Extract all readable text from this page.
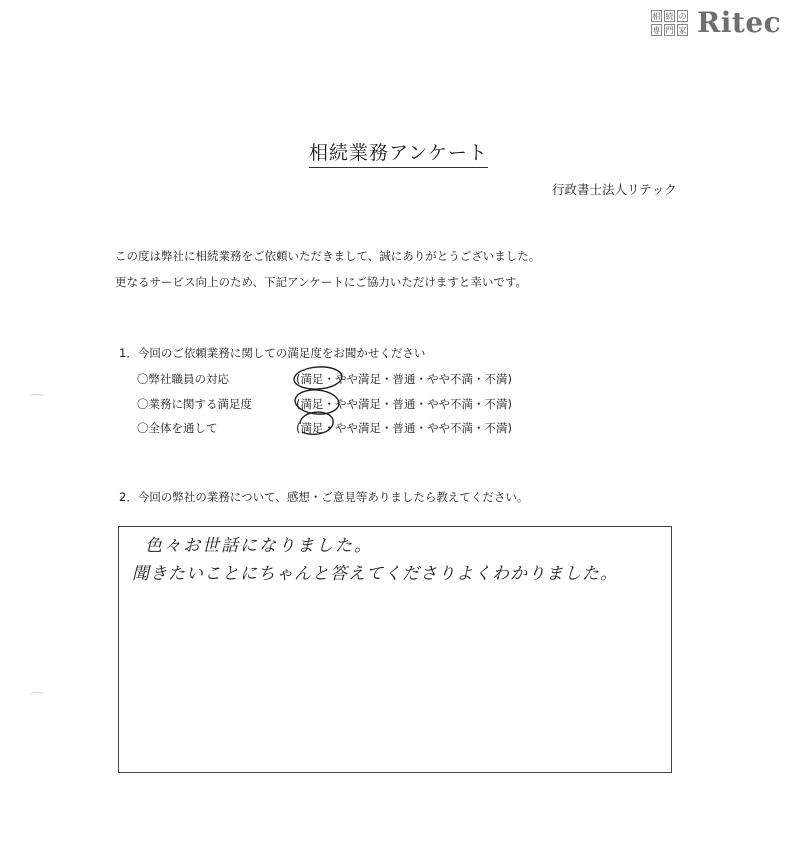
相 続 の
専 門 家 Ritec
相続業務アンケート
行政書士法人リテック
この度は弊社に相続業務をご依頼いただきまして、誠にありがとうございました。
更なるサービス向上のため、下記アンケートにご協力いただけますと幸いです。
1．今回のご依頼業務に関しての満足度をお聞かせください
〇弊社職員の対応	(満足・やや満足・普通・やや不満・不満)
〇業務に関する満足度	(満足・やや満足・普通・やや不満・不満)
〇全体を通して	(満足・やや満足・普通・やや不満・不満)
2．今回の弊社の業務について、感想・ご意見等ありましたら教えてください。
色々お世話になりました。
聞きたいことにちゃんと答えてくださりよくわかりました。
